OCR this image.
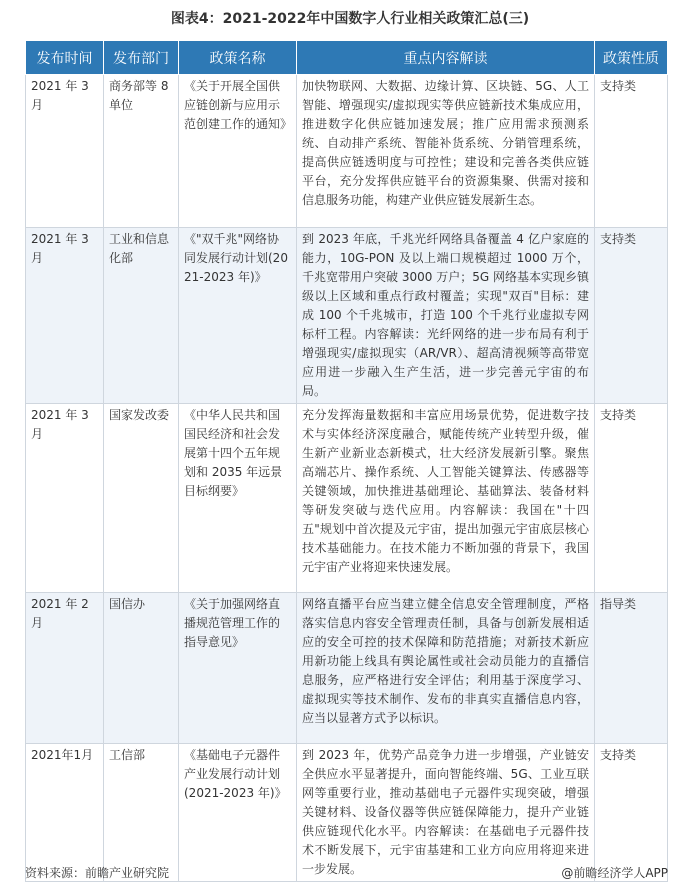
图表4：2021-2022年中国数字人行业相关政策汇总(三)
发布时间	发布部门	政策名称	重点内容解读	政策性质
2021 年 3 月	商务部等 8 单位	《关于开展全国供应链创新与应用示范创建工作的通知》	加快物联网、大数据、边缘计算、区块链、5G、人工智能、增强现实/虚拟现实等供应链新技术集成应用，推进数字化供应链加速发展；推广应用需求预测系统、自动排产系统、智能补货系统、分销管理系统，提高供应链透明度与可控性；建设和完善各类供应链平台，充分发挥供应链平台的资源集聚、供需对接和信息服务功能，构建产业供应链发展新生态。	支持类
2021 年 3 月	工业和信息化部	《"双千兆"网络协同发展行动计划(2021-2023 年)》	到 2023 年底，千兆光纤网络具备覆盖 4 亿户家庭的能力，10G-PON 及以上端口规模超过 1000 万个，千兆宽带用户突破 3000 万户；5G 网络基本实现乡镇级以上区域和重点行政村覆盖；实现"双百"目标：建成 100 个千兆城市，打造 100 个千兆行业虚拟专网标杆工程。内容解读：光纤网络的进一步布局有利于增强现实/虚拟现实（AR/VR）、超高清视频等高带宽应用进一步融入生产生活，进一步完善元宇宙的布局。	支持类
2021 年 3 月	国家发改委	《中华人民共和国国民经济和社会发展第十四个五年规划和 2035 年远景目标纲要》	充分发挥海量数据和丰富应用场景优势，促进数字技术与实体经济深度融合，赋能传统产业转型升级，催生新产业新业态新模式，壮大经济发展新引擎。聚焦高端芯片、操作系统、人工智能关键算法、传感器等关键领域，加快推进基础理论、基础算法、装备材料等研发突破与迭代应用。内容解读：我国在"十四五"规划中首次提及元宇宙，提出加强元宇宙底层核心技术基础能力。在技术能力不断加强的背景下，我国元宇宙产业将迎来快速发展。	支持类
2021 年 2 月	国信办	《关于加强网络直播规范管理工作的指导意见》	网络直播平台应当建立健全信息安全管理制度，严格落实信息内容安全管理责任制，具备与创新发展相适应的安全可控的技术保障和防范措施；对新技术新应用新功能上线具有舆论属性或社会动员能力的直播信息服务，应严格进行安全评估；利用基于深度学习、虚拟现实等技术制作、发布的非真实直播信息内容，应当以显著方式予以标识。	指导类
2021年1月	工信部	《基础电子元器件产业发展行动计划(2021-2023 年)》	到 2023 年，优势产品竞争力进一步增强，产业链安全供应水平显著提升，面向智能终端、5G、工业互联网等重要行业，推动基础电子元器件实现突破，增强关键材料、设备仪器等供应链保障能力，提升产业链供应链现代化水平。内容解读：在基础电子元器件技术不断发展下，元宇宙基建和工业方向应用将迎来进一步发展。	支持类
资料来源：前瞻产业研究院	@前瞻经济学人APP
